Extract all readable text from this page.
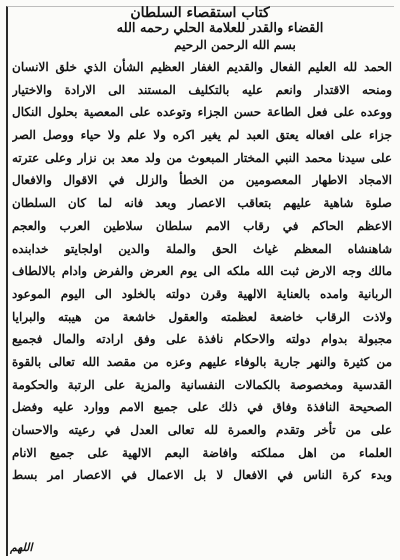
كتاب استقصاء السلطان
القضاء والقدر للعلامة الحلي رحمه الله
بسم الله الرحمن الرحيم
الحمد لله العليم الفعال والقديم الغفار العظيم الشأن الذي خلق الانسان
ومنحه الاقتدار وانعم عليه بالتكليف المستند الى الارادة والاختيار
ووعده على فعل الطاعة حسن الجزاء وتوعده على المعصية بحلول النكال
جزاء على افعاله يعتق العبد لم يغير اكره ولا علم ولا حياء ووصل الصر
على سيدنا محمد النبي المختار المبعوث من ولد معد بن نزار وعلى عترته
الامجاد الاطهار المعصومين من الخطأ والزلل في الاقوال والافعال
صلوة شاهية عليهم بتعاقب الاعصار وبعد فانه لما كان السلطان
الاعظم الحاكم في رقاب الامم سلطان سلاطين العرب والعجم
شاهنشاه المعظم غياث الحق والملة والدين اولجايتو خدابنده
مالك وجه الارض ثبت الله ملكه الى يوم العرض والفرض وادام بالالطاف
الربانية وامده بالعناية الالهية وقرن دولته بالخلود الى اليوم الموعود
ولاذت الرقاب خاضعة لعظمته والعقول خاشعة من هيبته والبرايا
مجبولة بدوام دولته والاحكام نافذة على وفق ارادته والمال فجميع
من كثيرة والنهر جارية بالوفاء عليهم وعزه من مقصد الله تعالى بالقوة
القدسية ومخصوصة بالكمالات النفسانية والمزية على الرتبة والحكومة
الصحيحة النافذة وفاق في ذلك على جميع الامم ووارد عليه وفضل
على من تأخر وتقدم والعمرة لله تعالى العدل في رعيته والاحسان
العلماء من اهل مملكته وافاضة البعم الالهية على جميع الانام
وبدء كرة الناس في الافعال لا بل الاعمال في الاعصار امر بسط
اللهم
